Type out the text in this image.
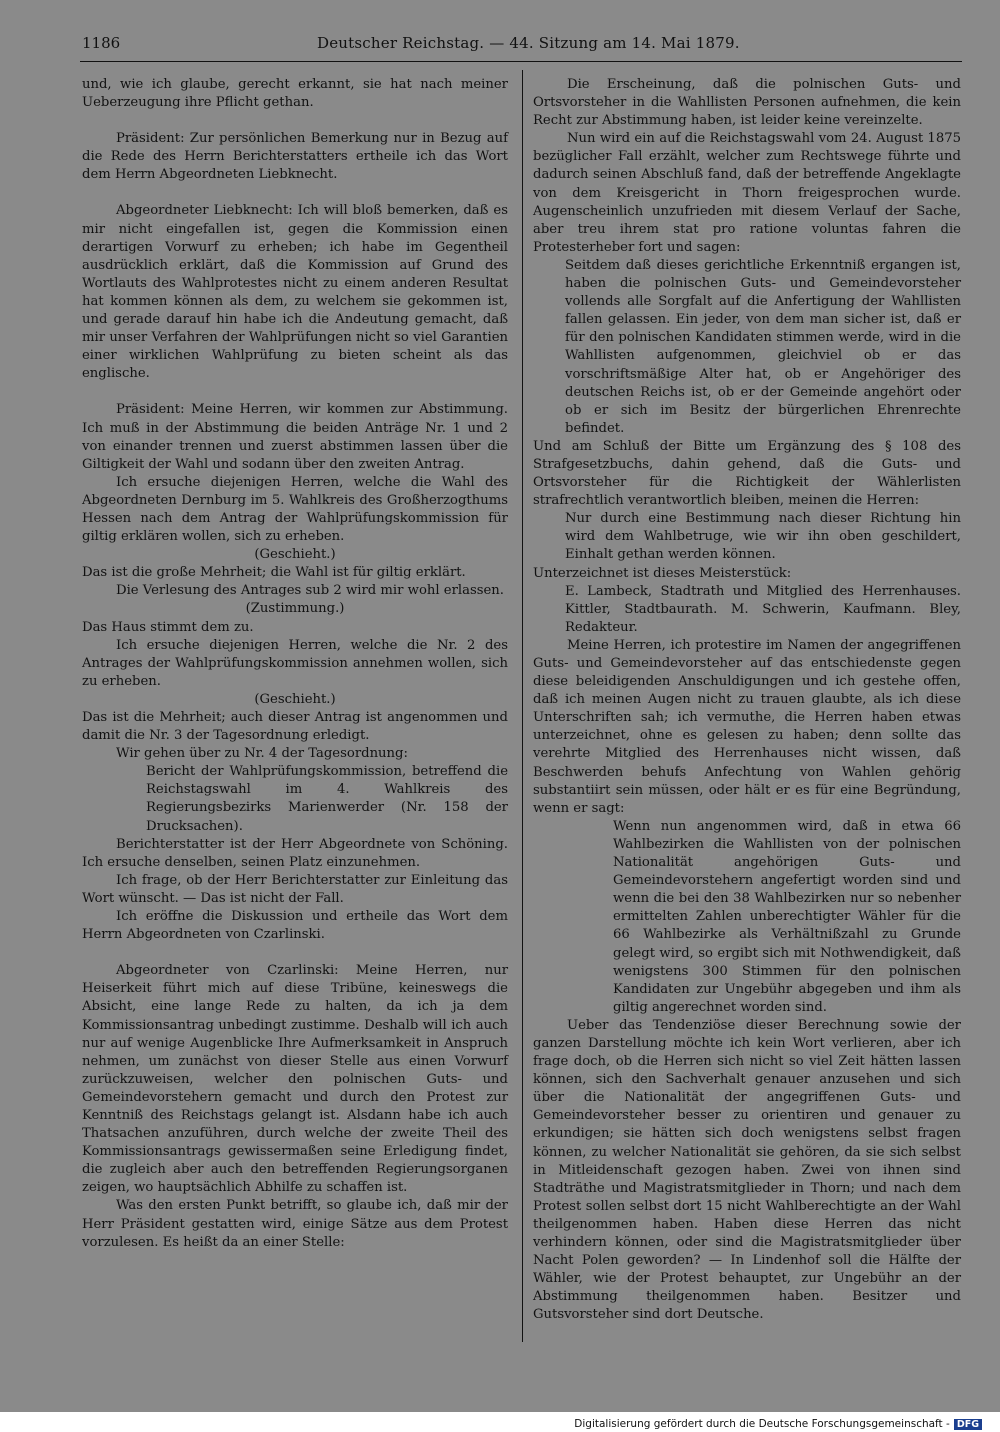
1186	Deutscher Reichstag. — 44. Sitzung am 14. Mai 1879.

und, wie ich glaube, gerecht erkannt, sie hat nach meiner Ueberzeugung ihre Pflicht gethan.

Präsident: Zur persönlichen Bemerkung nur in Bezug auf die Rede des Herrn Berichterstatters ertheile ich das Wort dem Herrn Abgeordneten Liebknecht.

Abgeordneter Liebknecht: Ich will bloß bemerken, daß es mir nicht eingefallen ist, gegen die Kommission einen derartigen Vorwurf zu erheben; ich habe im Gegentheil ausdrücklich erklärt, daß die Kommission auf Grund des Wortlauts des Wahlprotestes nicht zu einem anderen Resultat hat kommen können als dem, zu welchem sie gekommen ist, und gerade darauf hin habe ich die Andeutung gemacht, daß mir unser Verfahren der Wahlprüfungen nicht so viel Garantien einer wirklichen Wahlprüfung zu bieten scheint als das englische.

Präsident: Meine Herren, wir kommen zur Abstimmung. Ich muß in der Abstimmung die beiden Anträge Nr. 1 und 2 von einander trennen und zuerst abstimmen lassen über die Giltigkeit der Wahl und sodann über den zweiten Antrag.

Ich ersuche diejenigen Herren, welche die Wahl des Abgeordneten Dernburg im 5. Wahlkreis des Großherzogthums Hessen nach dem Antrag der Wahlprüfungskommission für giltig erklären wollen, sich zu erheben.

(Geschieht.)

Das ist die große Mehrheit; die Wahl ist für giltig erklärt.

Die Verlesung des Antrages sub 2 wird mir wohl erlassen.

(Zustimmung.)

Das Haus stimmt dem zu.

Ich ersuche diejenigen Herren, welche die Nr. 2 des Antrages der Wahlprüfungskommission annehmen wollen, sich zu erheben.

(Geschieht.)

Das ist die Mehrheit; auch dieser Antrag ist angenommen und damit die Nr. 3 der Tagesordnung erledigt.

Wir gehen über zu Nr. 4 der Tagesordnung:

Bericht der Wahlprüfungskommission, betreffend die Reichstagswahl im 4. Wahlkreis des Regierungsbezirks Marienwerder (Nr. 158 der Drucksachen).

Berichterstatter ist der Herr Abgeordnete von Schöning. Ich ersuche denselben, seinen Platz einzunehmen.

Ich frage, ob der Herr Berichterstatter zur Einleitung das Wort wünscht. — Das ist nicht der Fall.

Ich eröffne die Diskussion und ertheile das Wort dem Herrn Abgeordneten von Czarlinski.

Abgeordneter von Czarlinski: Meine Herren, nur Heiserkeit führt mich auf diese Tribüne, keineswegs die Absicht, eine lange Rede zu halten, da ich ja dem Kommissionsantrag unbedingt zustimme. Deshalb will ich auch nur auf wenige Augenblicke Ihre Aufmerksamkeit in Anspruch nehmen, um zunächst von dieser Stelle aus einen Vorwurf zurückzuweisen, welcher den polnischen Guts- und Gemeindevorstehern gemacht und durch den Protest zur Kenntniß des Reichstags gelangt ist. Alsdann habe ich auch Thatsachen anzuführen, durch welche der zweite Theil des Kommissionsantrags gewissermaßen seine Erledigung findet, die zugleich aber auch den betreffenden Regierungsorganen zeigen, wo hauptsächlich Abhilfe zu schaffen ist.

Was den ersten Punkt betrifft, so glaube ich, daß mir der Herr Präsident gestatten wird, einige Sätze aus dem Protest vorzulesen. Es heißt da an einer Stelle:

Die Erscheinung, daß die polnischen Guts- und Ortsvorsteher in die Wahllisten Personen aufnehmen, die kein Recht zur Abstimmung haben, ist leider keine vereinzelte.

Nun wird ein auf die Reichstagswahl vom 24. August 1875 bezüglicher Fall erzählt, welcher zum Rechtswege führte und dadurch seinen Abschluß fand, daß der betreffende Angeklagte von dem Kreisgericht in Thorn freigesprochen wurde. Augenscheinlich unzufrieden mit diesem Verlauf der Sache, aber treu ihrem stat pro ratione voluntas fahren die Protesterheber fort und sagen:

Seitdem daß dieses gerichtliche Erkenntniß ergangen ist, haben die polnischen Guts- und Gemeindevorsteher vollends alle Sorgfalt auf die Anfertigung der Wahllisten fallen gelassen. Ein jeder, von dem man sicher ist, daß er für den polnischen Kandidaten stimmen werde, wird in die Wahllisten aufgenommen, gleichviel ob er das vorschriftsmäßige Alter hat, ob er Angehöriger des deutschen Reichs ist, ob er der Gemeinde angehört oder ob er sich im Besitz der bürgerlichen Ehrenrechte befindet.

Und am Schluß der Bitte um Ergänzung des § 108 des Strafgesetzbuchs, dahin gehend, daß die Guts- und Ortsvorsteher für die Richtigkeit der Wählerlisten strafrechtlich verantwortlich bleiben, meinen die Herren:

Nur durch eine Bestimmung nach dieser Richtung hin wird dem Wahlbetruge, wie wir ihn oben geschildert, Einhalt gethan werden können.

Unterzeichnet ist dieses Meisterstück:

E. Lambeck, Stadtrath und Mitglied des Herrenhauses. Kittler, Stadtbaurath. M. Schwerin, Kaufmann. Bley, Redakteur.

Meine Herren, ich protestire im Namen der angegriffenen Guts- und Gemeindevorsteher auf das entschiedenste gegen diese beleidigenden Anschuldigungen und ich gestehe offen, daß ich meinen Augen nicht zu trauen glaubte, als ich diese Unterschriften sah; ich vermuthe, die Herren haben etwas unterzeichnet, ohne es gelesen zu haben; denn sollte das verehrte Mitglied des Herrenhauses nicht wissen, daß Beschwerden behufs Anfechtung von Wahlen gehörig substantiirt sein müssen, oder hält er es für eine Begründung, wenn er sagt:

Wenn nun angenommen wird, daß in etwa 66 Wahlbezirken die Wahllisten von der polnischen Nationalität angehörigen Guts- und Gemeindevorstehern angefertigt worden sind und wenn die bei den 38 Wahlbezirken nur so nebenher ermittelten Zahlen unberechtigter Wähler für die 66 Wahlbezirke als Verhältnißzahl zu Grunde gelegt wird, so ergibt sich mit Nothwendigkeit, daß wenigstens 300 Stimmen für den polnischen Kandidaten zur Ungebühr abgegeben und ihm als giltig angerechnet worden sind.

Ueber das Tendenziöse dieser Berechnung sowie der ganzen Darstellung möchte ich kein Wort verlieren, aber ich frage doch, ob die Herren sich nicht so viel Zeit hätten lassen können, sich den Sachverhalt genauer anzusehen und sich über die Nationalität der angegriffenen Guts- und Gemeindevorsteher besser zu orientiren und genauer zu erkundigen; sie hätten sich doch wenigstens selbst fragen können, zu welcher Nationalität sie gehören, da sie sich selbst in Mitleidenschaft gezogen haben. Zwei von ihnen sind Stadträthe und Magistratsmitglieder in Thorn; und nach dem Protest sollen selbst dort 15 nicht Wahlberechtigte an der Wahl theilgenommen haben. Haben diese Herren das nicht verhindern können, oder sind die Magistratsmitglieder über Nacht Polen geworden? — In Lindenhof soll die Hälfte der Wähler, wie der Protest behauptet, zur Ungebühr an der Abstimmung theilgenommen haben. Besitzer und Gutsvorsteher sind dort Deutsche.

Digitalisierung gefördert durch die Deutsche Forschungsgemeinschaft - DFG
